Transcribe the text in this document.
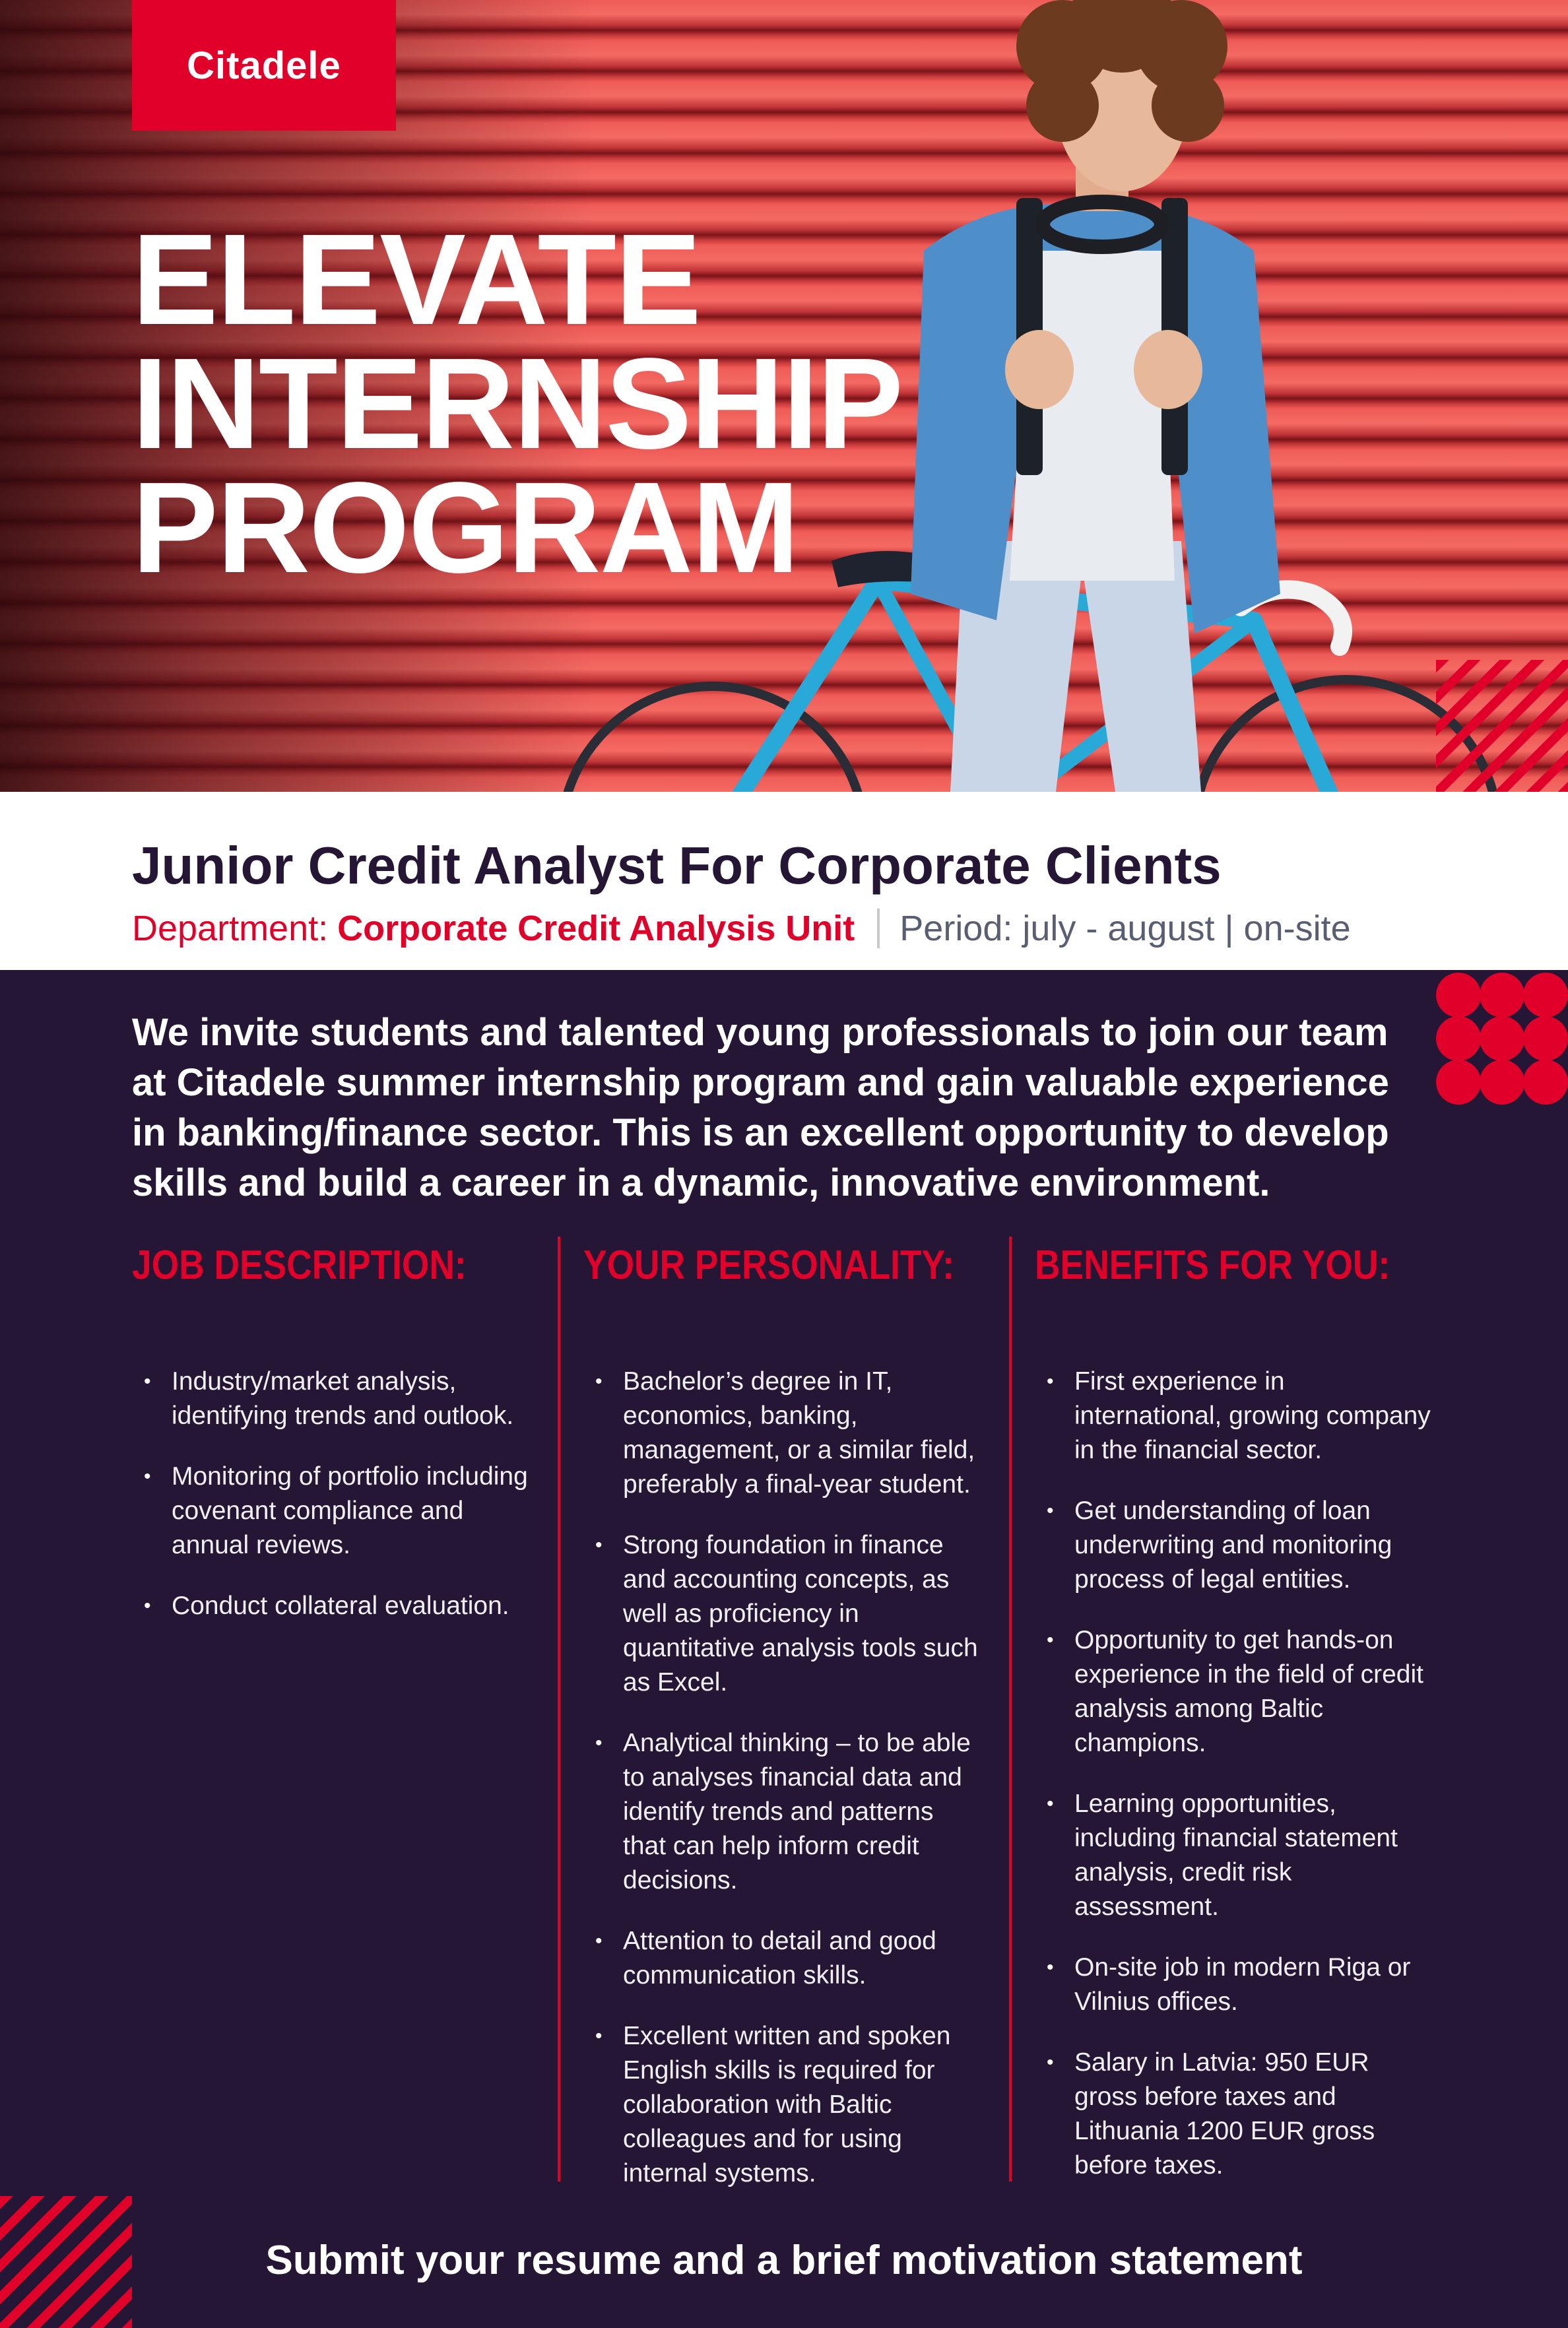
Citadele
ELEVATE
INTERNSHIP
PROGRAM
Junior Credit Analyst For Corporate Clients
Department: Corporate Credit Analysis Unit Period: july - august | on-site

We invite students and talented young professionals to join our team at Citadele summer internship program and gain valuable experience in banking/finance sector. This is an excellent opportunity to develop skills and build a career in a dynamic, innovative environment.

JOB DESCRIPTION:
• Industry/market analysis, identifying trends and outlook.
• Monitoring of portfolio including covenant compliance and annual reviews.
• Conduct collateral evaluation.
YOUR PERSONALITY:
• Bachelor’s degree in IT, economics, banking, management, or a similar field, preferably a final-year student.
• Strong foundation in finance and accounting concepts, as well as proficiency in quantitative analysis tools such as Excel.
• Analytical thinking – to be able to analyses financial data and identify trends and patterns that can help inform credit decisions.
• Attention to detail and good communication skills.
• Excellent written and spoken English skills is required for collaboration with Baltic colleagues and for using internal systems.
BENEFITS FOR YOU:
• First experience in international, growing company in the financial sector.
• Get understanding of loan underwriting and monitoring process of legal entities.
• Opportunity to get hands-on experience in the field of credit analysis among Baltic champions.
• Learning opportunities, including financial statement analysis, credit risk assessment.
• On-site job in modern Riga or Vilnius offices.
• Salary in Latvia: 950 EUR gross before taxes and Lithuania 1200 EUR gross before taxes.

Submit your resume and a brief motivation statement
